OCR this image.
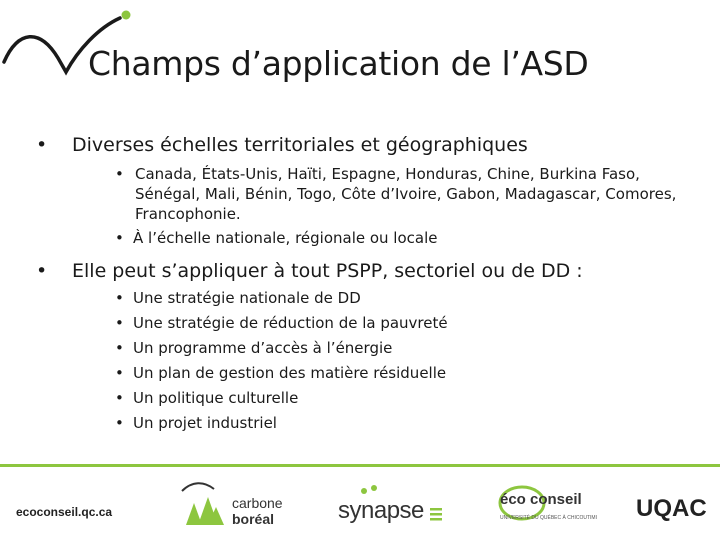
Champs d’application de l’ASD
• Diverses échelles territoriales et géographiques
• Canada, États-Unis, Haïti, Espagne, Honduras, Chine, Burkina Faso, Sénégal, Mali, Bénin, Togo, Côte d’Ivoire, Gabon, Madagascar, Comores, Francophonie.
• À l’échelle nationale, régionale ou locale
• Elle peut s’appliquer à tout PSPP, sectoriel ou de DD :
• Une stratégie nationale de DD
• Une stratégie de réduction de la pauvreté
• Un programme d’accès à l’énergie
• Un plan de gestion des matière résiduelle
• Un politique culturelle
• Un projet industriel
ecoconseil.qc.ca
carbone
boréal	synapse	éco conseil
UNIVERSITÉ DU QUÉBEC À CHICOUTIMI UQAC
